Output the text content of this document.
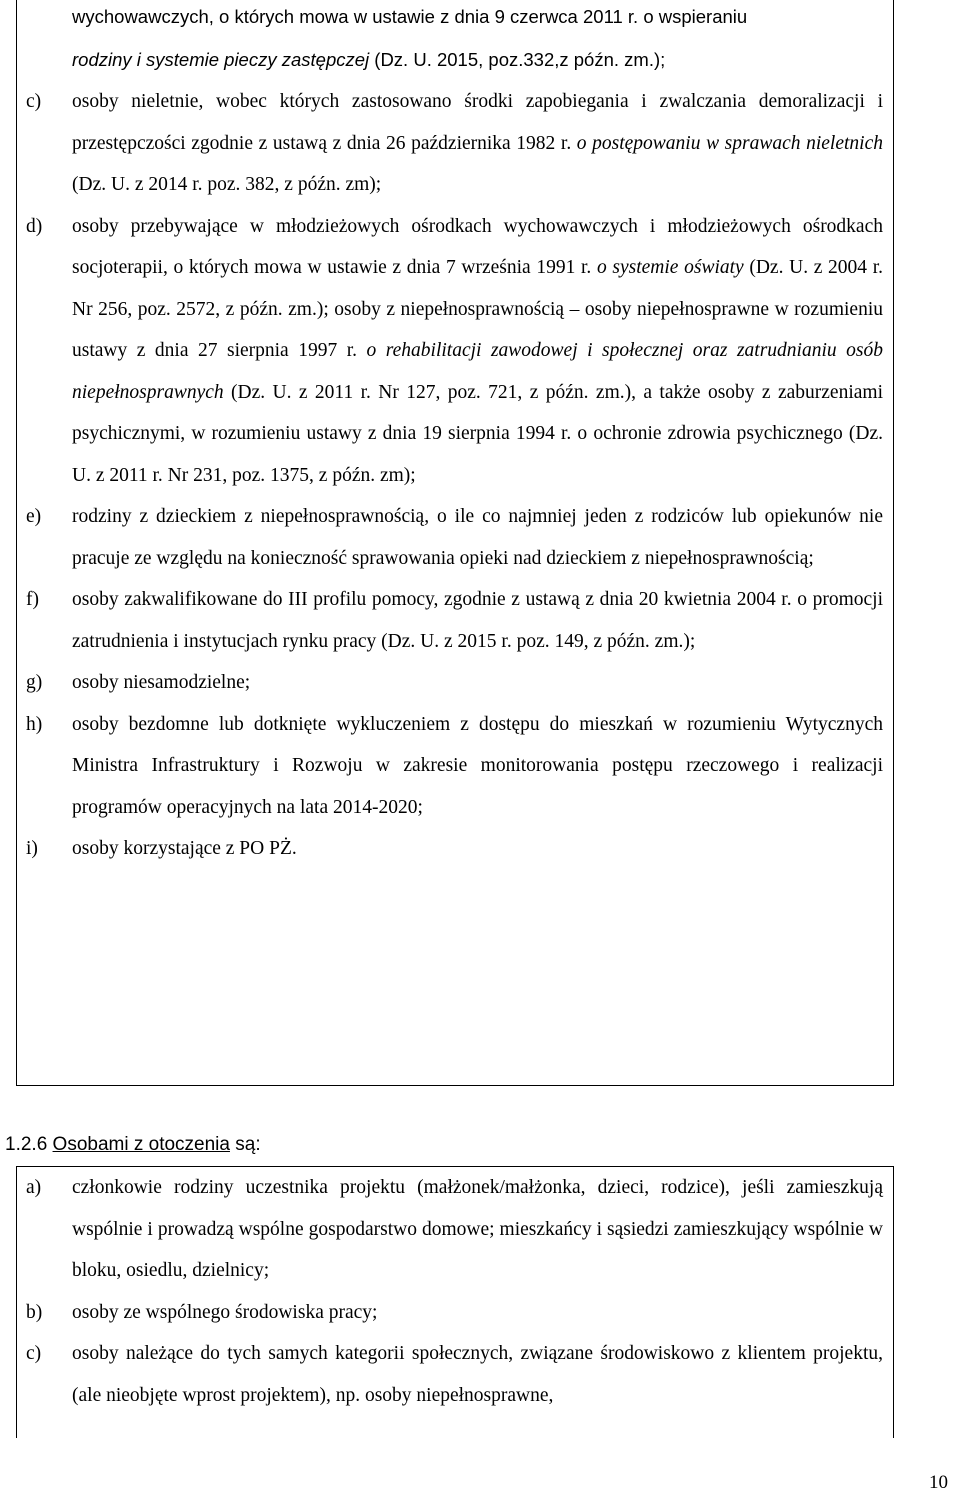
wychowawczych, o których mowa w ustawie z dnia 9 czerwca 2011 r. o wspieraniu
rodziny i systemie pieczy zastępczej (Dz. U. 2015, poz.332,z późn. zm.);
c) osoby nieletnie, wobec których zastosowano środki zapobiegania i zwalczania demoralizacji i przestępczości zgodnie z ustawą z dnia 26 października 1982 r. o postępowaniu w sprawach nieletnich (Dz. U. z 2014 r. poz. 382, z późn. zm);
d) osoby przebywające w młodzieżowych ośrodkach wychowawczych i młodzieżowych ośrodkach socjoterapii, o których mowa w ustawie z dnia 7 września 1991 r. o systemie oświaty (Dz. U. z 2004 r. Nr 256, poz. 2572, z późn. zm.); osoby z niepełnosprawnością – osoby niepełnosprawne w rozumieniu ustawy z dnia 27 sierpnia 1997 r. o rehabilitacji zawodowej i społecznej oraz zatrudnianiu osób niepełnosprawnych (Dz. U. z 2011 r. Nr 127, poz. 721, z późn. zm.), a także osoby z zaburzeniami psychicznymi, w rozumieniu ustawy z dnia 19 sierpnia 1994 r. o ochronie zdrowia psychicznego (Dz. U. z 2011 r. Nr 231, poz. 1375, z późn. zm);
e) rodziny z dzieckiem z niepełnosprawnością, o ile co najmniej jeden z rodziców lub opiekunów nie pracuje ze względu na konieczność sprawowania opieki nad dzieckiem z niepełnosprawnością;
f) osoby zakwalifikowane do III profilu pomocy, zgodnie z ustawą z dnia 20 kwietnia 2004 r. o promocji zatrudnienia i instytucjach rynku pracy (Dz. U. z 2015 r. poz. 149, z późn. zm.);
g) osoby niesamodzielne;
h) osoby bezdomne lub dotknięte wykluczeniem z dostępu do mieszkań w rozumieniu Wytycznych Ministra Infrastruktury i Rozwoju w zakresie monitorowania postępu rzeczowego i realizacji programów operacyjnych na lata 2014-2020;
i) osoby korzystające z PO PŻ.
1.2.6 Osobami z otoczenia są:
a) członkowie rodziny uczestnika projektu (małżonek/małżonka, dzieci, rodzice), jeśli zamieszkują wspólnie i prowadzą wspólne gospodarstwo domowe; mieszkańcy i sąsiedzi zamieszkujący wspólnie w bloku, osiedlu, dzielnicy;
b) osoby ze wspólnego środowiska pracy;
c) osoby należące do tych samych kategorii społecznych, związane środowiskowo z klientem projektu, (ale nieobjęte wprost projektem), np. osoby niepełnosprawne,
10
